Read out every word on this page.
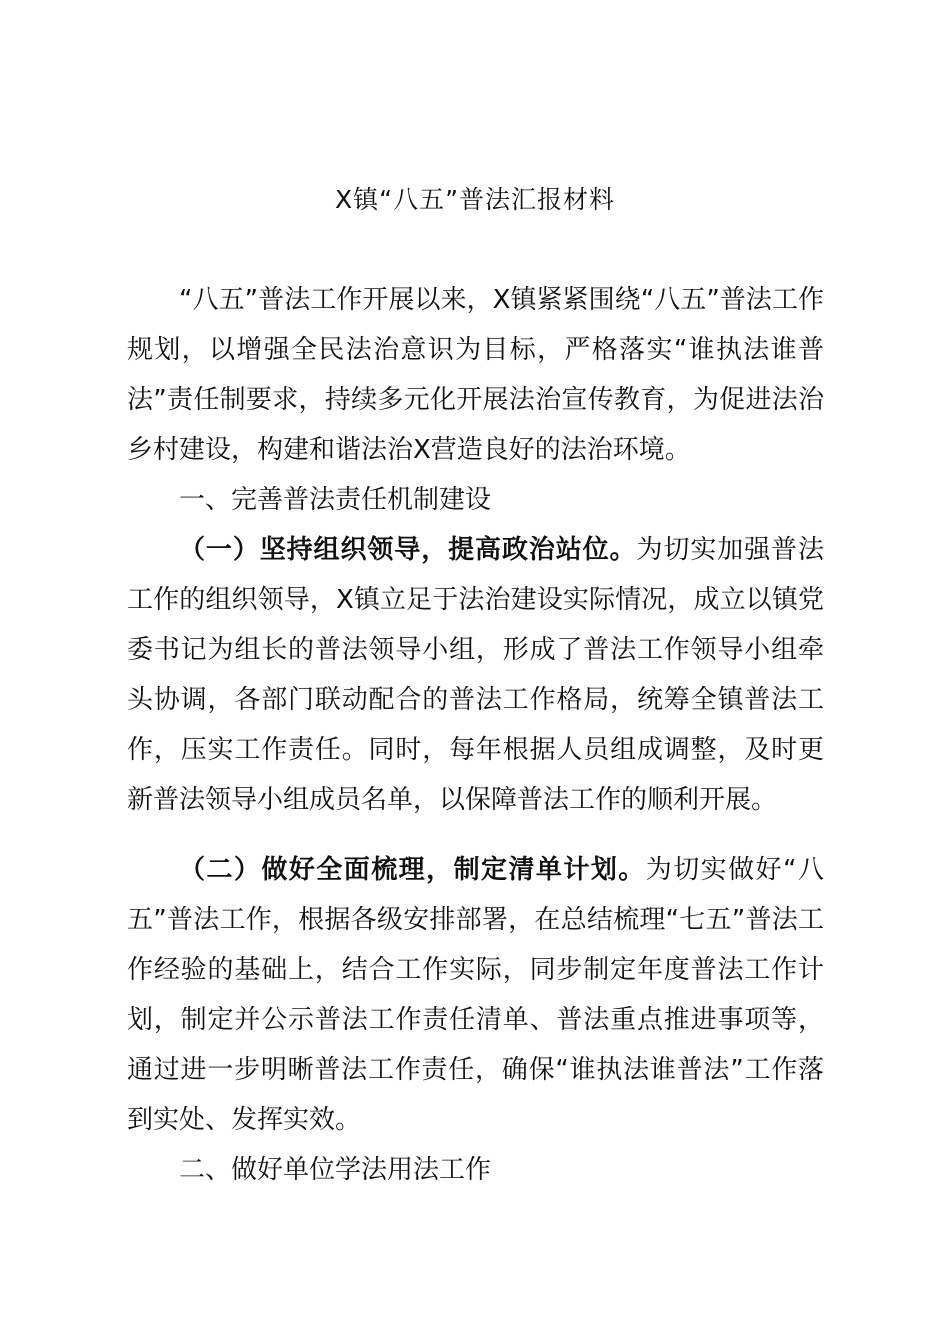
X镇“八五”普法汇报材料

“八五”普法工作开展以来，X镇紧紧围绕“八五”普法工作规划，以增强全民法治意识为目标，严格落实“谁执法谁普法”责任制要求，持续多元化开展法治宣传教育，为促进法治乡村建设，构建和谐法治X营造良好的法治环境。

一、完善普法责任机制建设

（一）坚持组织领导，提高政治站位。为切实加强普法工作的组织领导，X镇立足于法治建设实际情况，成立以镇党委书记为组长的普法领导小组，形成了普法工作领导小组牵头协调，各部门联动配合的普法工作格局，统筹全镇普法工作，压实工作责任。同时，每年根据人员组成调整，及时更新普法领导小组成员名单，以保障普法工作的顺利开展。

（二）做好全面梳理，制定清单计划。为切实做好“八五”普法工作，根据各级安排部署，在总结梳理“七五”普法工作经验的基础上，结合工作实际，同步制定年度普法工作计划，制定并公示普法工作责任清单、普法重点推进事项等，通过进一步明晰普法工作责任，确保“谁执法谁普法”工作落到实处、发挥实效。

二、做好单位学法用法工作
